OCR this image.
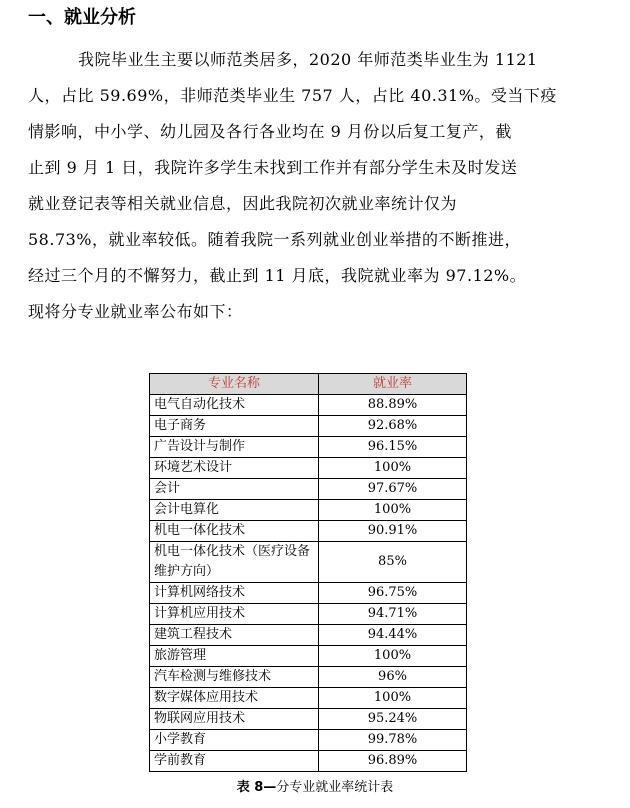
一、就业分析
我院毕业生主要以师范类居多，2020 年师范类毕业生为 1121
人，占比 59.69%，非师范类毕业生 757 人，占比 40.31%。受当下疫
情影响，中小学、幼儿园及各行各业均在 9 月份以后复工复产，截
止到 9 月 1 日，我院许多学生未找到工作并有部分学生未及时发送
就业登记表等相关就业信息，因此我院初次就业率统计仅为
58.73%，就业率较低。随着我院一系列就业创业举措的不断推进，
经过三个月的不懈努力，截止到 11 月底，我院就业率为 97.12%。
现将分专业就业率公布如下：
专业名称	就业率
电气自动化技术	88.89%
电子商务	92.68%
广告设计与制作	96.15%
环境艺术设计	100%
会计	97.67%
会计电算化	100%
机电一体化技术	90.91%
机电一体化技术（医疗设备维护方向）	85%
计算机网络技术	96.75%
计算机应用技术	94.71%
建筑工程技术	94.44%
旅游管理	100%
汽车检测与维修技术	96%
数字媒体应用技术	100%
物联网应用技术	95.24%
小学教育	99.78%
学前教育	96.89%
表 8—分专业就业率统计表
